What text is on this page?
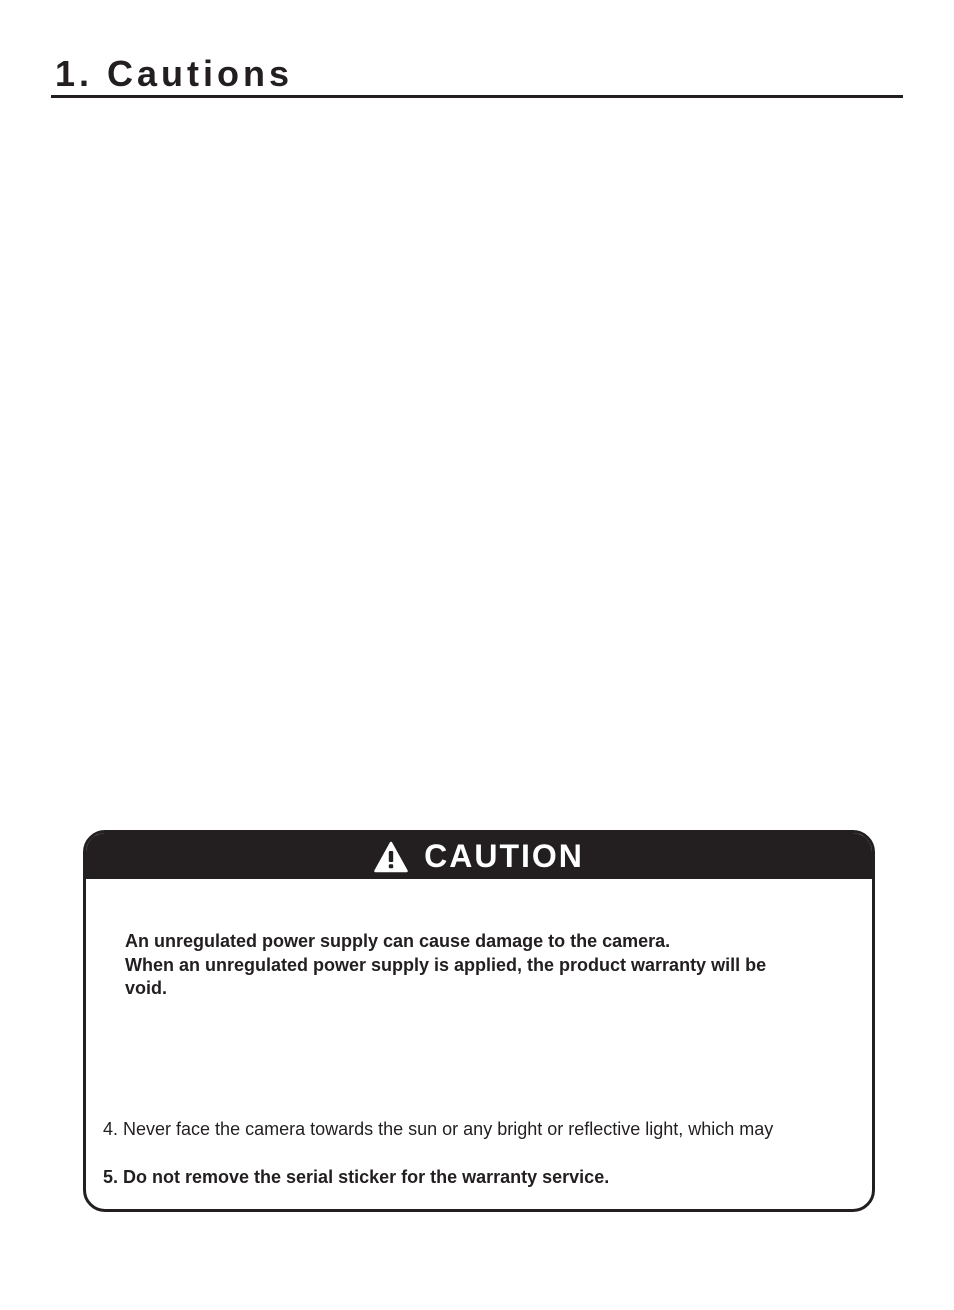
1. Cautions
CAUTION

An unregulated power supply can cause damage to the camera.
When an unregulated power supply is applied, the product warranty will be
void.

4. Never face the camera towards the sun or any bright or reflective light, which may

5. Do not remove the serial sticker for the warranty service.
